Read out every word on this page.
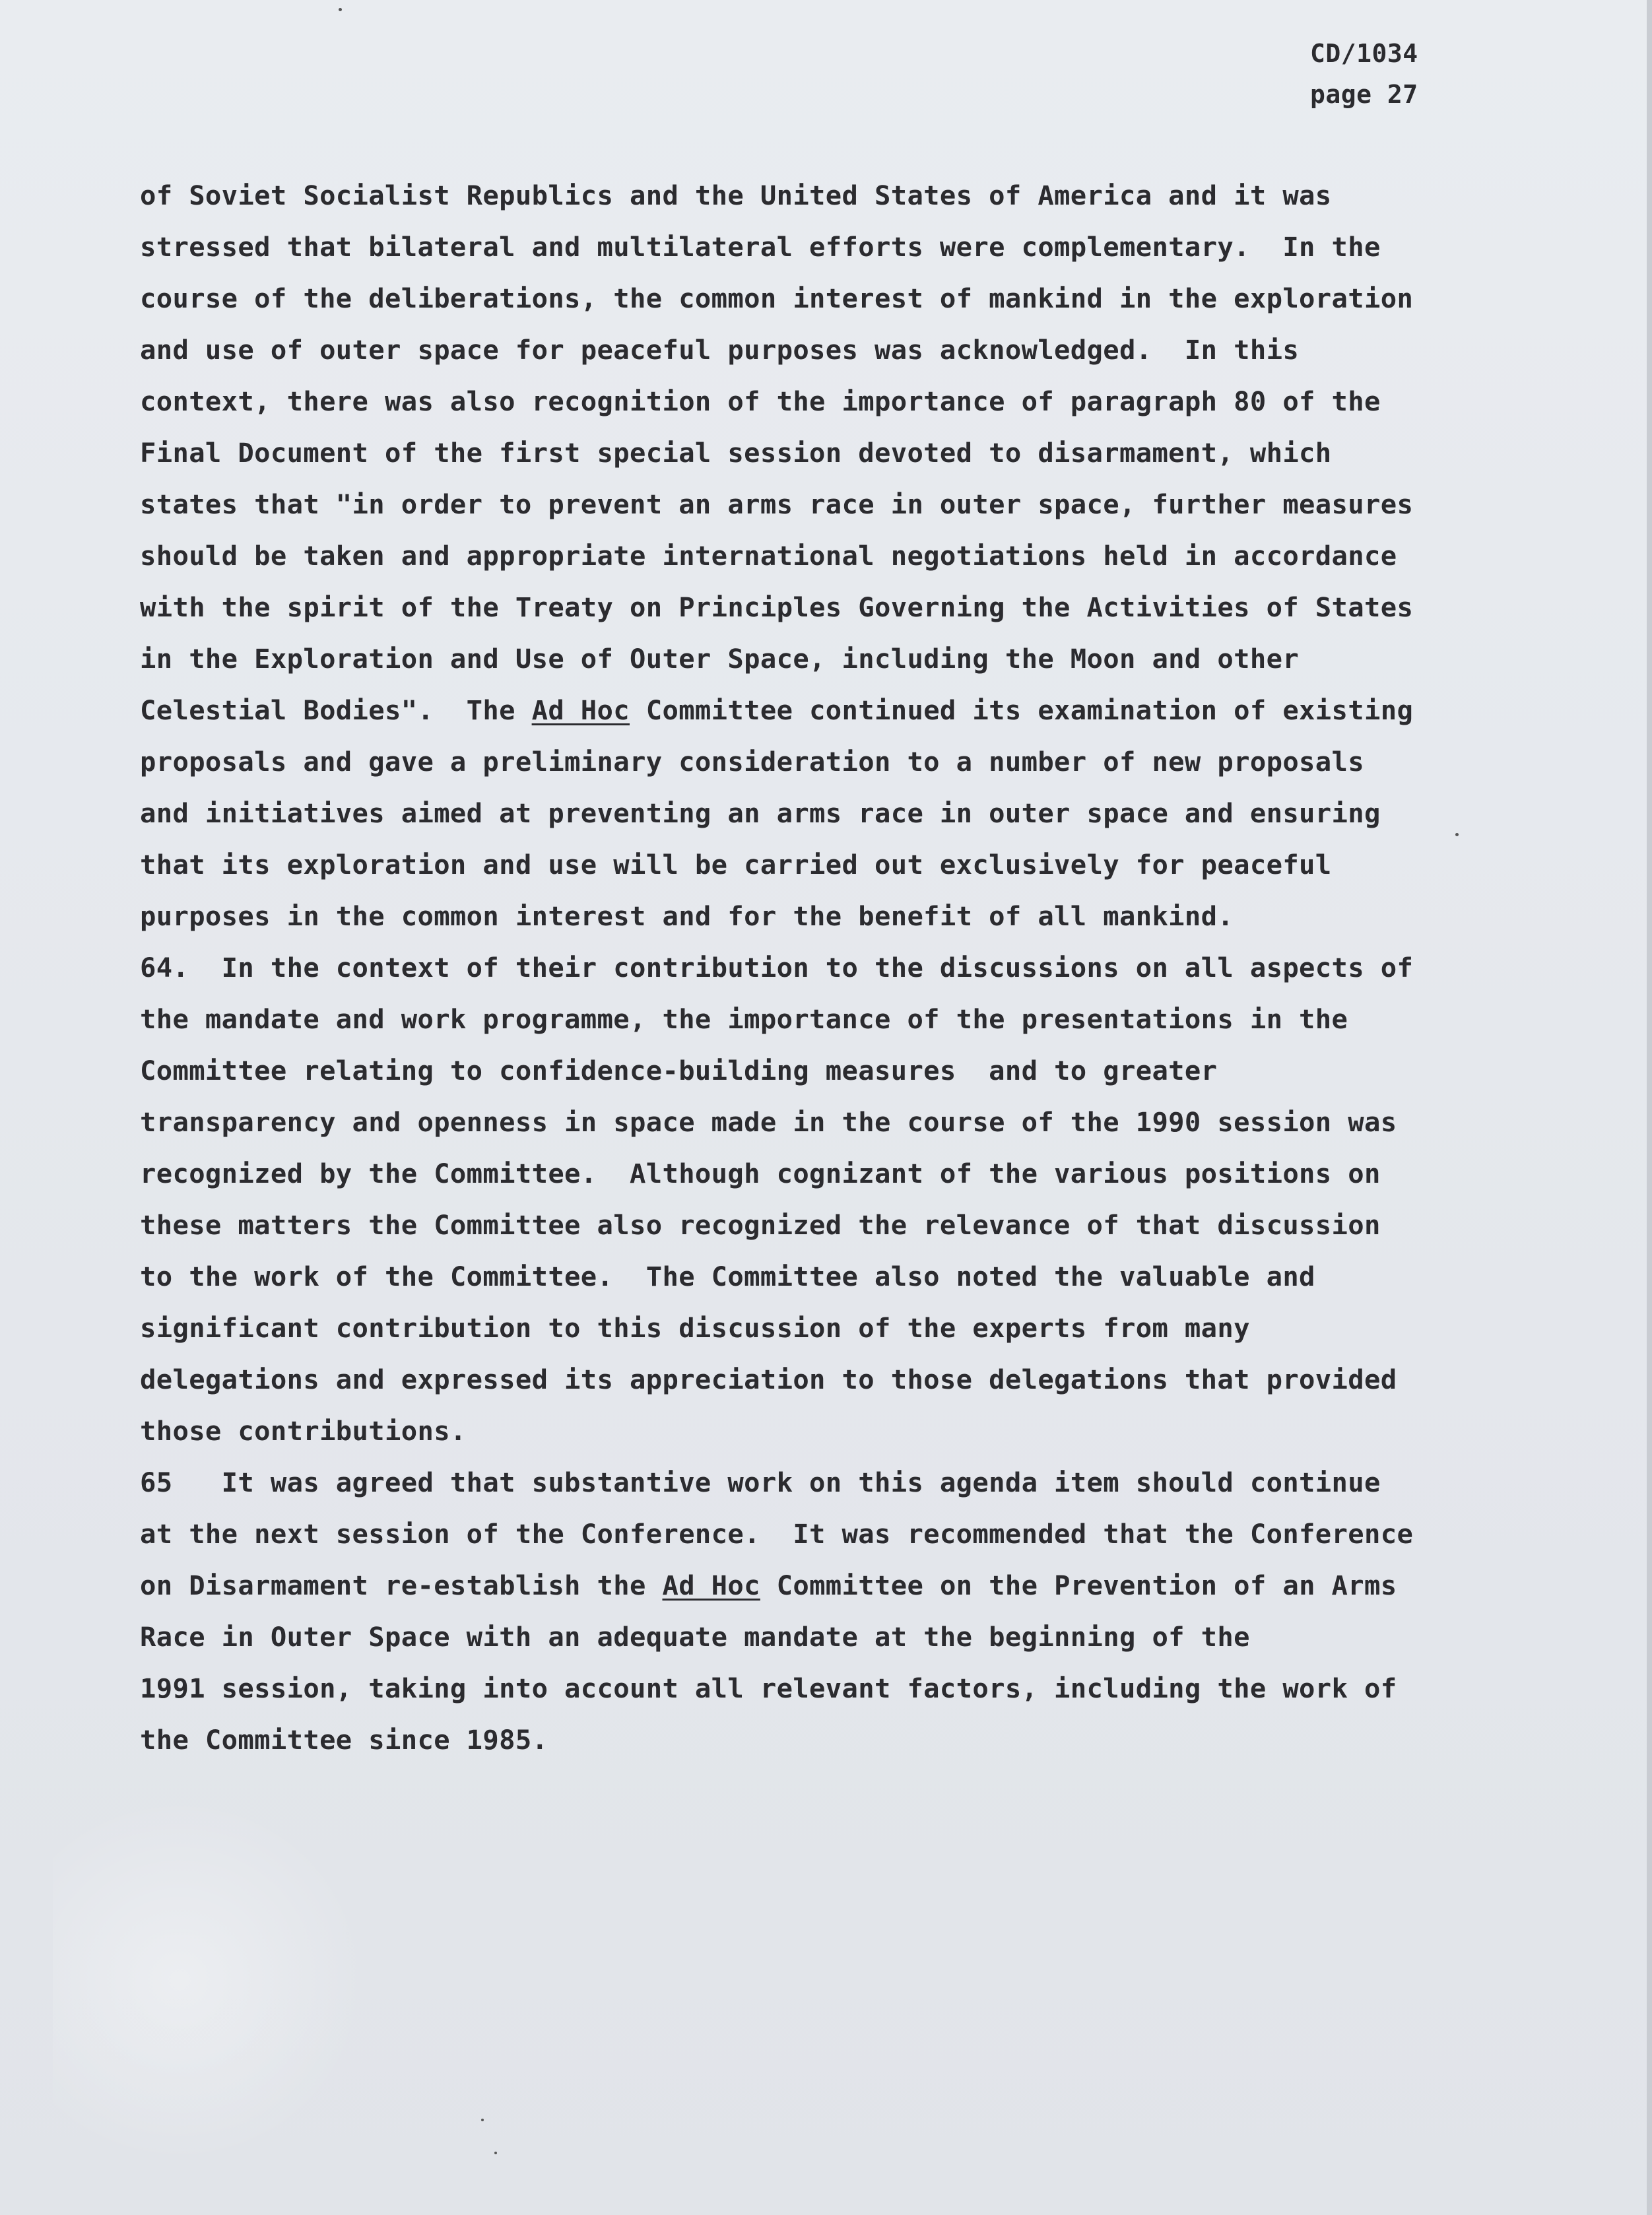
CD/1034
page 27
of Soviet Socialist Republics and the United States of America and it was
stressed that bilateral and multilateral efforts were complementary.  In the
course of the deliberations, the common interest of mankind in the exploration
and use of outer space for peaceful purposes was acknowledged.  In this
context, there was also recognition of the importance of paragraph 80 of the
Final Document of the first special session devoted to disarmament, which
states that "in order to prevent an arms race in outer space, further measures
should be taken and appropriate international negotiations held in accordance
with the spirit of the Treaty on Principles Governing the Activities of States
in the Exploration and Use of Outer Space, including the Moon and other
Celestial Bodies".  The Ad Hoc Committee continued its examination of existing
proposals and gave a preliminary consideration to a number of new proposals
and initiatives aimed at preventing an arms race in outer space and ensuring
that its exploration and use will be carried out exclusively for peaceful
purposes in the common interest and for the benefit of all mankind.
64.  In the context of their contribution to the discussions on all aspects of
the mandate and work programme, the importance of the presentations in the
Committee relating to confidence-building measures  and to greater
transparency and openness in space made in the course of the 1990 session was
recognized by the Committee.  Although cognizant of the various positions on
these matters the Committee also recognized the relevance of that discussion
to the work of the Committee.  The Committee also noted the valuable and
significant contribution to this discussion of the experts from many
delegations and expressed its appreciation to those delegations that provided
those contributions.
65   It was agreed that substantive work on this agenda item should continue
at the next session of the Conference.  It was recommended that the Conference
on Disarmament re-establish the Ad Hoc Committee on the Prevention of an Arms
Race in Outer Space with an adequate mandate at the beginning of the
1991 session, taking into account all relevant factors, including the work of
the Committee since 1985.
